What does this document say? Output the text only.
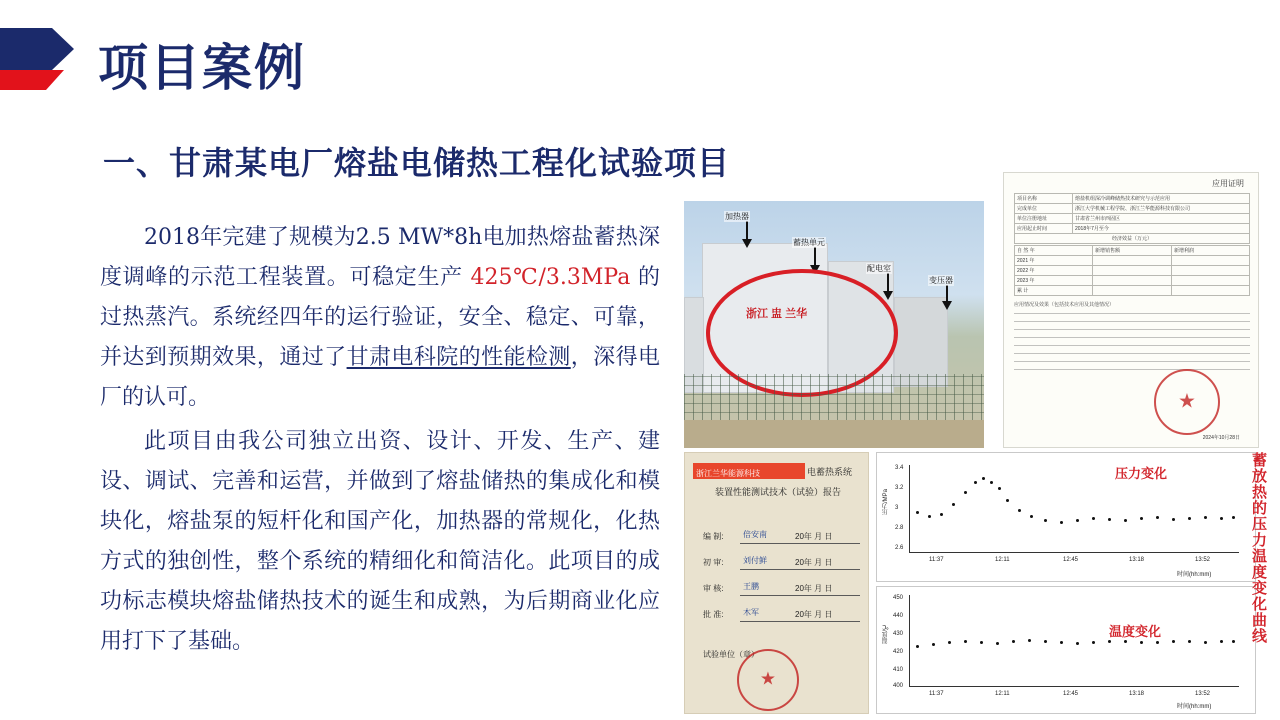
项目案例
一、甘肃某电厂熔盐电储热工程化试验项目

2018年完建了规模为2.5 MW*8h电加热熔盐蓄热深度调峰的示范工程装置。可稳定生产 425℃/3.3MPa 的过热蒸汽。系统经四年的运行验证，安全、稳定、可靠，并达到预期效果，通过了甘肃电科院的性能检测，深得电厂的认可。

此项目由我公司独立出资、设计、开发、生产、建设、调试、完善和运营，并做到了熔盐储热的集成化和模块化，熔盐泵的短杆化和国产化，加热器的常规化，化热方式的独创性，整个系统的精细化和简洁化。此项目的成功标志模块熔盐储热技术的诞生和成熟，为后期商业化应用打下了基础。

加热器
蓄热单元
配电室
变压器
浙江 盅 兰华
应用证明
项目名称	熔盐机组深冷调峰储热技术研究与示范应用
完成单位	浙江大学机械工程学院、浙江兰华能源科技有限公司
单位注册地址	甘肃省兰州市西固区
应用起止时间	2018年7月至今
经济效益（万元）	
自 然 年	新增销售额	新增利润
2021 年		
2022 年		
2023 年		
累 计		
应用情况及效果（包括技术应用及其他情况）
★
2024年10月28日
浙江兰华能源科技	电蓄热系统
装置性能测试技术（试验）报告
编 制: 倍安南	20年 月 日
初 审: 刘付鲜	20年 月 日
审 核: 王鹏	20年 月 日
批 准: 木军	20年 月 日
试验单位（章）
★
压力变化
压力/MPa
时间(hh:mm)
3.4
3.2
3
2.8
2.6
11:37	12:11	12:45	13:18	13:52
温度变化
温度/℃
时间(hh:mm)
450
440
430
420
410
400
11:37	12:11	12:45	13:18	13:52
蓄放热的压力温度变化曲线
